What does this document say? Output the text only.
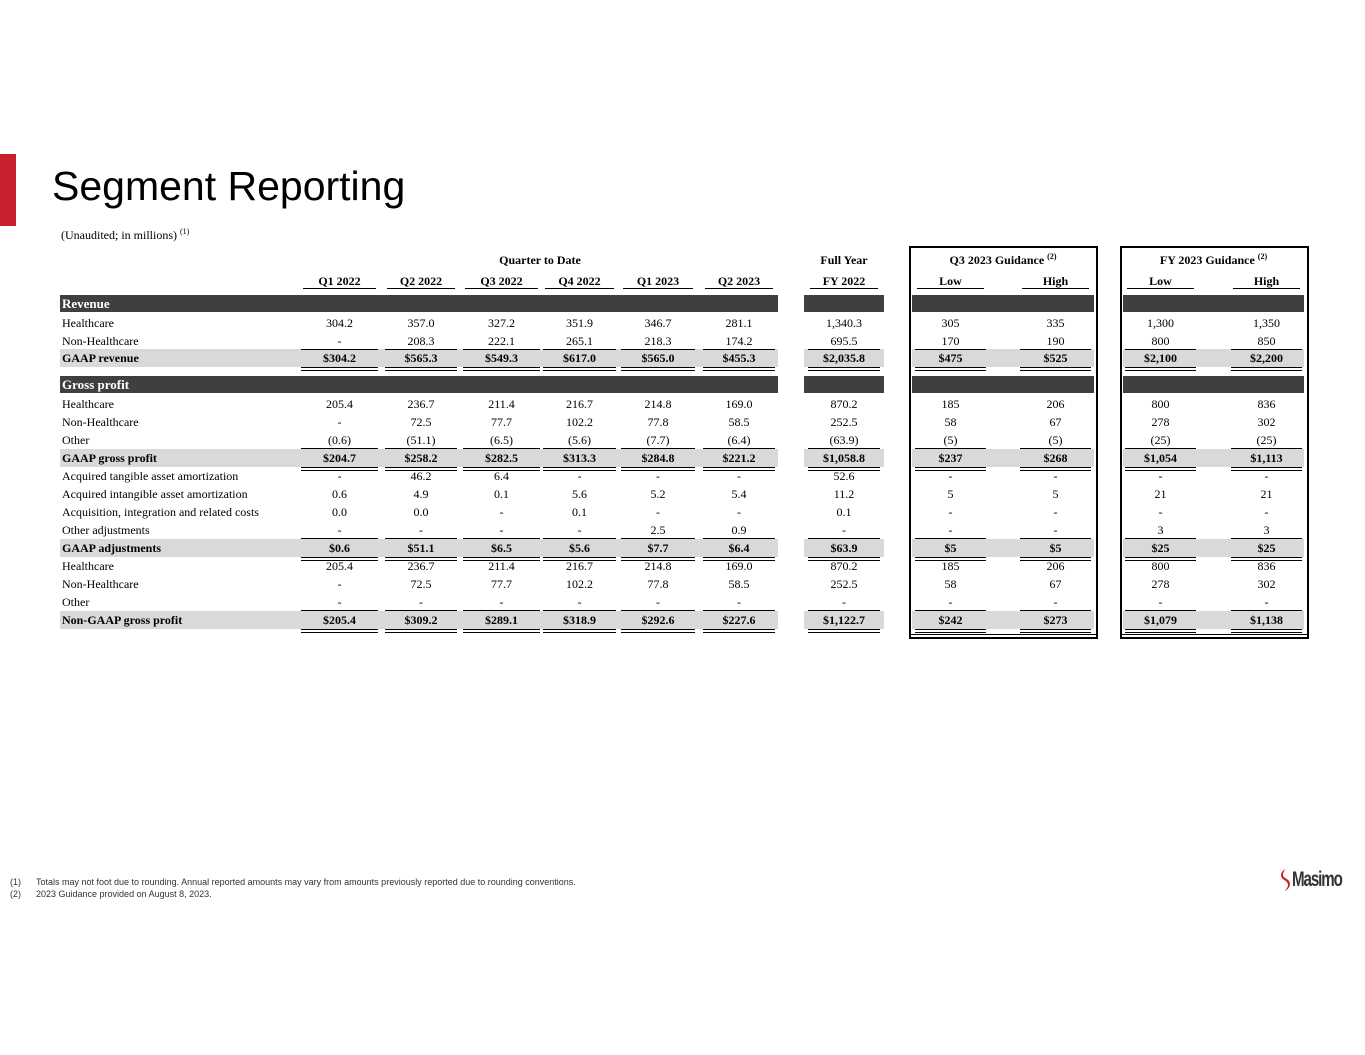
Segment Reporting
(Unaudited; in millions) $^{(1)}$
Quarter to Date	Full Year	Q3 2023 Guidance $^{(2)}$	FY 2023 Guidance $^{(2)}$
Q1 2022	Q2 2022	Q3 2022	Q4 2022	Q1 2023	Q2 2023	FY 2022	Low	High	Low	High
Revenue
Gross profit
Healthcare	304.2	357.0	327.2	351.9	346.7	281.1	1,340.3	305	335	1,300	1,350
Non-Healthcare	-	208.3	222.1	265.1	218.3	174.2	695.5	170	190	800	850
GAAP revenue	$304.2	$565.3	$549.3	$617.0	$565.0	$455.3	$2,035.8	$475	$525	$2,100	$2,200
Healthcare	205.4	236.7	211.4	216.7	214.8	169.0	870.2	185	206	800	836
Non-Healthcare	-	72.5	77.7	102.2	77.8	58.5	252.5	58	67	278	302
Other	(0.6)	(51.1)	(6.5)	(5.6)	(7.7)	(6.4)	(63.9)	(5)	(5)	(25)	(25)
GAAP gross profit	$204.7	$258.2	$282.5	$313.3	$284.8	$221.2	$1,058.8	$237	$268	$1,054	$1,113
Acquired tangible asset amortization	-	46.2	6.4	-	-	-	52.6	-	-	-	-
Acquired intangible asset amortization	0.6	4.9	0.1	5.6	5.2	5.4	11.2	5	5	21	21
Acquisition, integration and related costs	0.0	0.0	-	0.1	-	-	0.1	-	-	-	-
Other adjustments	-	-	-	-	2.5	0.9	-	-	-	3	3
GAAP adjustments	$0.6	$51.1	$6.5	$5.6	$7.7	$6.4	$63.9	$5	$5	$25	$25
Healthcare	205.4	236.7	211.4	216.7	214.8	169.0	870.2	185	206	800	836
Non-Healthcare	-	72.5	77.7	102.2	77.8	58.5	252.5	58	67	278	302
Other	-	-	-	-	-	-	-	-	-	-	-
Non-GAAP gross profit	$205.4	$309.2	$289.1	$318.9	$292.6	$227.6	$1,122.7	$242	$273	$1,079	$1,138
(1) Totals may not foot due to rounding. Annual reported amounts may vary from amounts previously reported due to rounding conventions.
(2) 2023 Guidance provided on August 8, 2023.
Masimo
